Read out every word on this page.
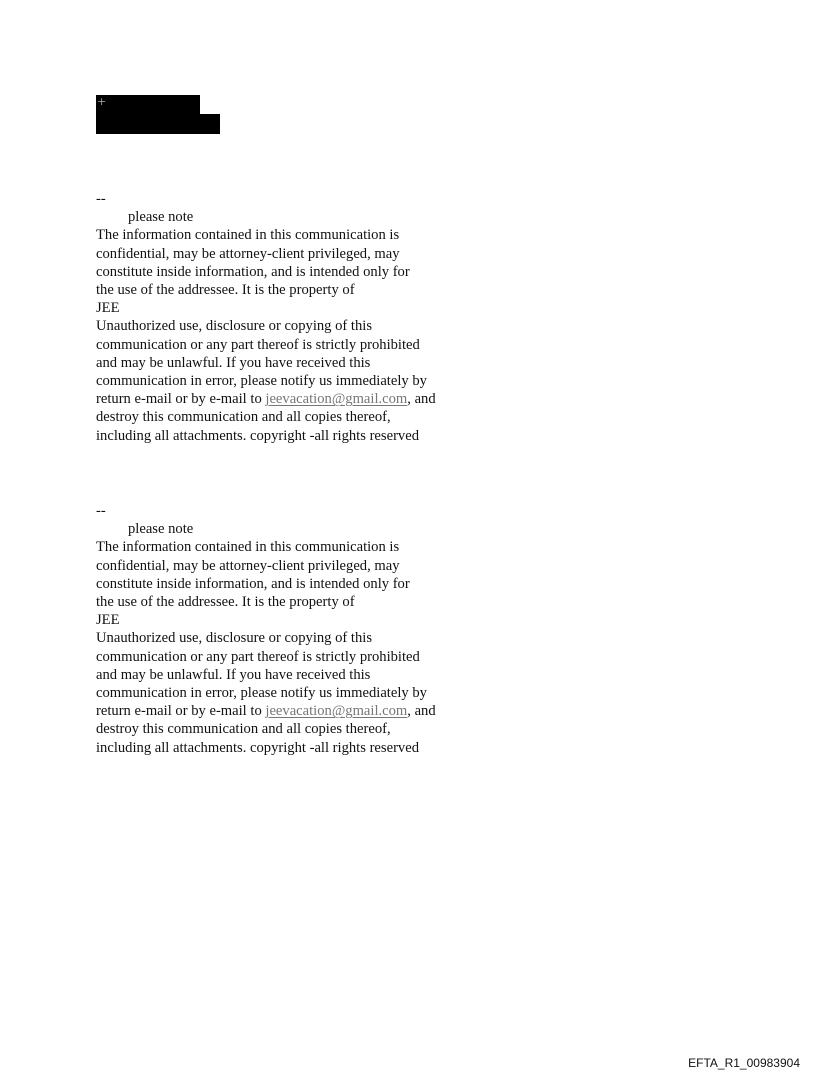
+
--
please note
The information contained in this communication is
confidential, may be attorney-client privileged, may
constitute inside information, and is intended only for
the use of the addressee. It is the property of
JEE
Unauthorized use, disclosure or copying of this
communication or any part thereof is strictly prohibited
and may be unlawful. If you have received this
communication in error, please notify us immediately by
return e-mail or by e-mail to jeevacation@gmail.com, and
destroy this communication and all copies thereof,
including all attachments. copyright -all rights reserved
--
please note
The information contained in this communication is
confidential, may be attorney-client privileged, may
constitute inside information, and is intended only for
the use of the addressee. It is the property of
JEE
Unauthorized use, disclosure or copying of this
communication or any part thereof is strictly prohibited
and may be unlawful. If you have received this
communication in error, please notify us immediately by
return e-mail or by e-mail to jeevacation@gmail.com, and
destroy this communication and all copies thereof,
including all attachments. copyright -all rights reserved
EFTA_R1_00983904
